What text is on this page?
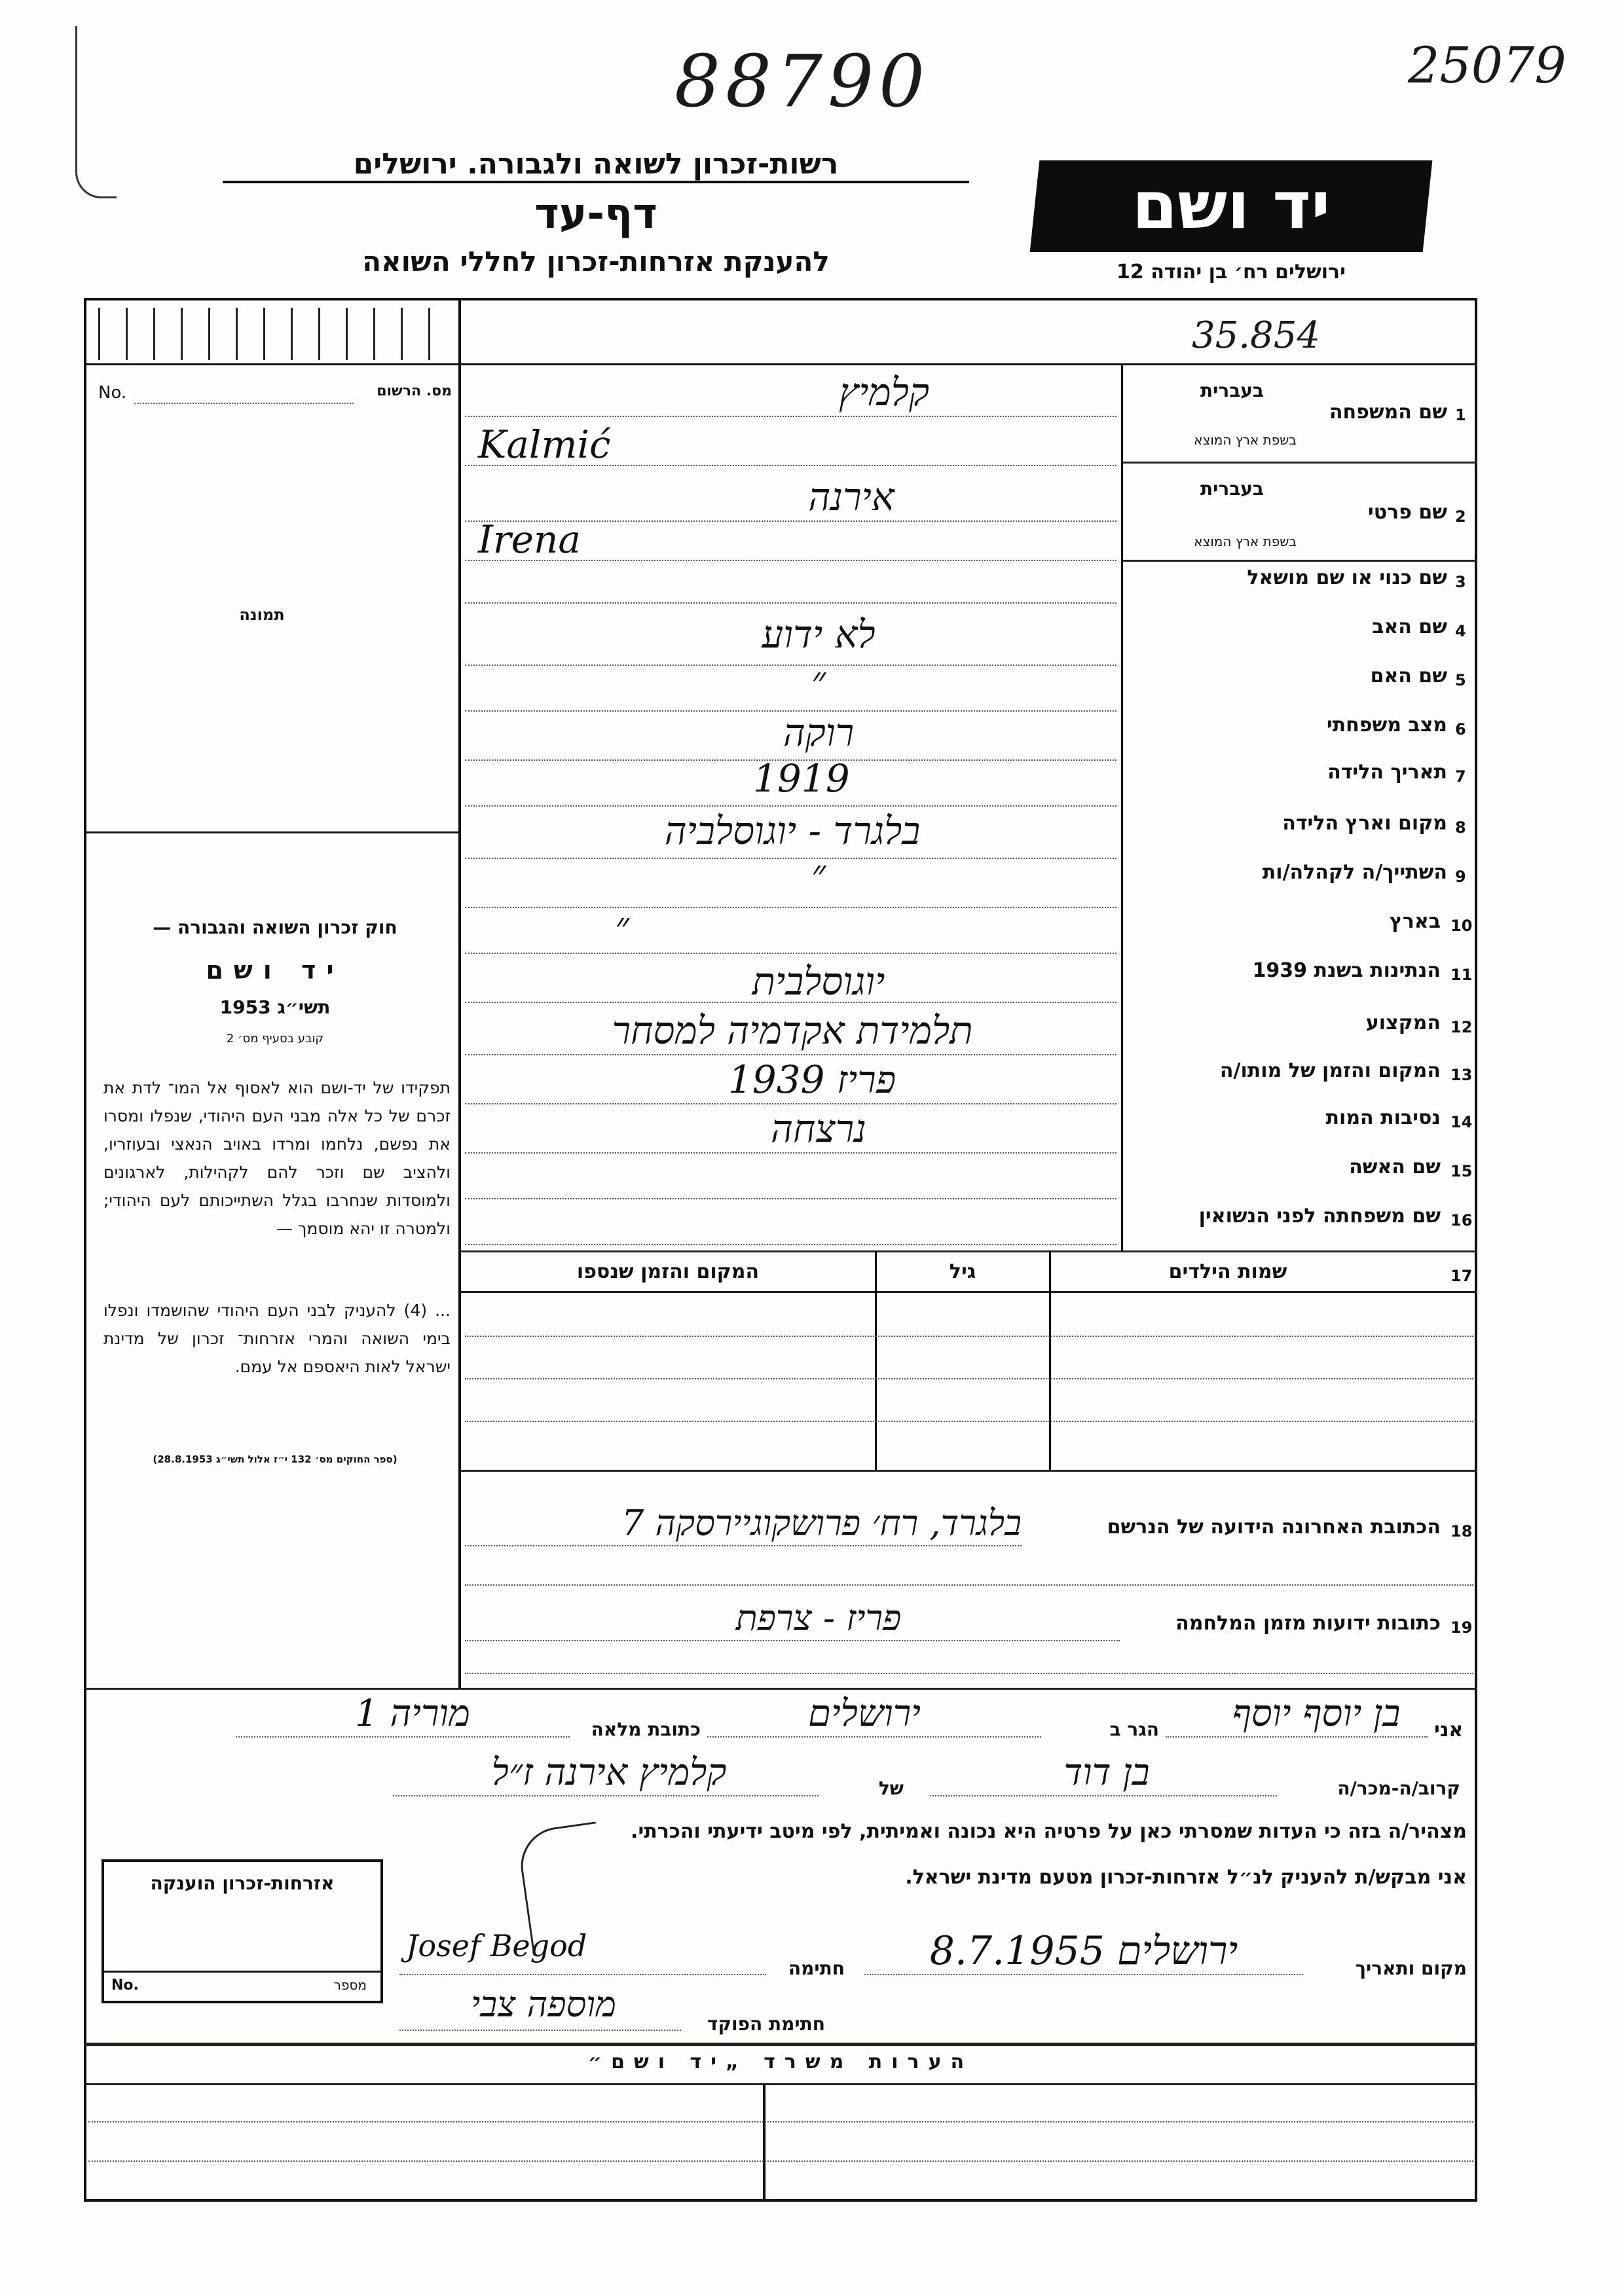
88790	25079
רשות-זכרון לשואה ולגבורה. ירושלים
דף-עד
להענקת אזרחות-זכרון לחללי השואה
יד ושם
ירושלים רח׳ בן יהודה 12
35.854
No.	מס. הרשום
תמונה
1
שם המשפחה
בעברית
בשפת ארץ המוצא
קלמיץ
Kalmić
2
שם פרטי
בעברית
בשפת ארץ המוצא
אירנה
Irena
3
שם כנוי או שם מושאל
4
שם האב
לא ידוע
5
שם האם
״
6
מצב משפחתי
רוקה
7
תאריך הלידה
1919
8
מקום וארץ הלידה
בלגרד - יוגוסלביה
9
השתייך/ה לקהלה/ות
״
10
בארץ
״
11
הנתינות בשנת 1939
יוגוסלבית
12
המקצוע
תלמידת אקדמיה למסחר
13
המקום והזמן של מותו/ה
פריז 1939
14
נסיבות המות
נרצחה
15
שם האשה
16
שם משפחתה לפני הנשואין
17
שמות הילדים
גיל
המקום והזמן שנספו
18
הכתובת האחרונה הידועה של הנרשם
בלגרד, רח׳ פרושקוגיירסקה 7
19
כתובות ידועות מזמן המלחמה
פריז - צרפת
חוק זכרון השואה והגבורה —
יד ושם
תשי״ג 1953
קובע בסעיף מס׳ 2
תפקידו של יד-ושם הוא לאסוף אל המו־ לדת את זכרם של כל אלה מבני העם היהודי, שנפלו ומסרו את נפשם, נלחמו ומרדו באויב הנאצי ובעוזריו, ולהציב שם וזכר להם לקהילות, לארגונים ולמוסדות שנחרבו בגלל השתייכותם לעם היהודי; ולמטרה זו יהא מוסמך —
... (4) להעניק לבני העם היהודי שהושמדו ונפלו בימי השואה והמרי אזרחות־ זכרון של מדינת ישראל לאות היאספם אל עמם.
(ספר החוקים מס׳ 132 י״ז אלול תשי״ג 28.8.1953)
אני
בן יוסף יוסף
הגר ב
ירושלים
כתובת מלאה
מוריה 1
קרוב/ה-מכר/ה
בן דוד
של
קלמיץ אירנה ז״ל
מצהיר/ה בזה כי העדות שמסרתי כאן על פרטיה היא נכונה ואמיתית, לפי מיטב ידיעתי והכרתי.
אני מבקש/ת להעניק לנ״ל אזרחות-זכרון מטעם מדינת ישראל.
מקום ותאריך
ירושלים 8.7.1955
חתימה
Josef Begod
חתימת הפוקד
מוספה צבי
אזרחות-זכרון הוענקה
No.	מספר
הערות משרד „יד ושם״
